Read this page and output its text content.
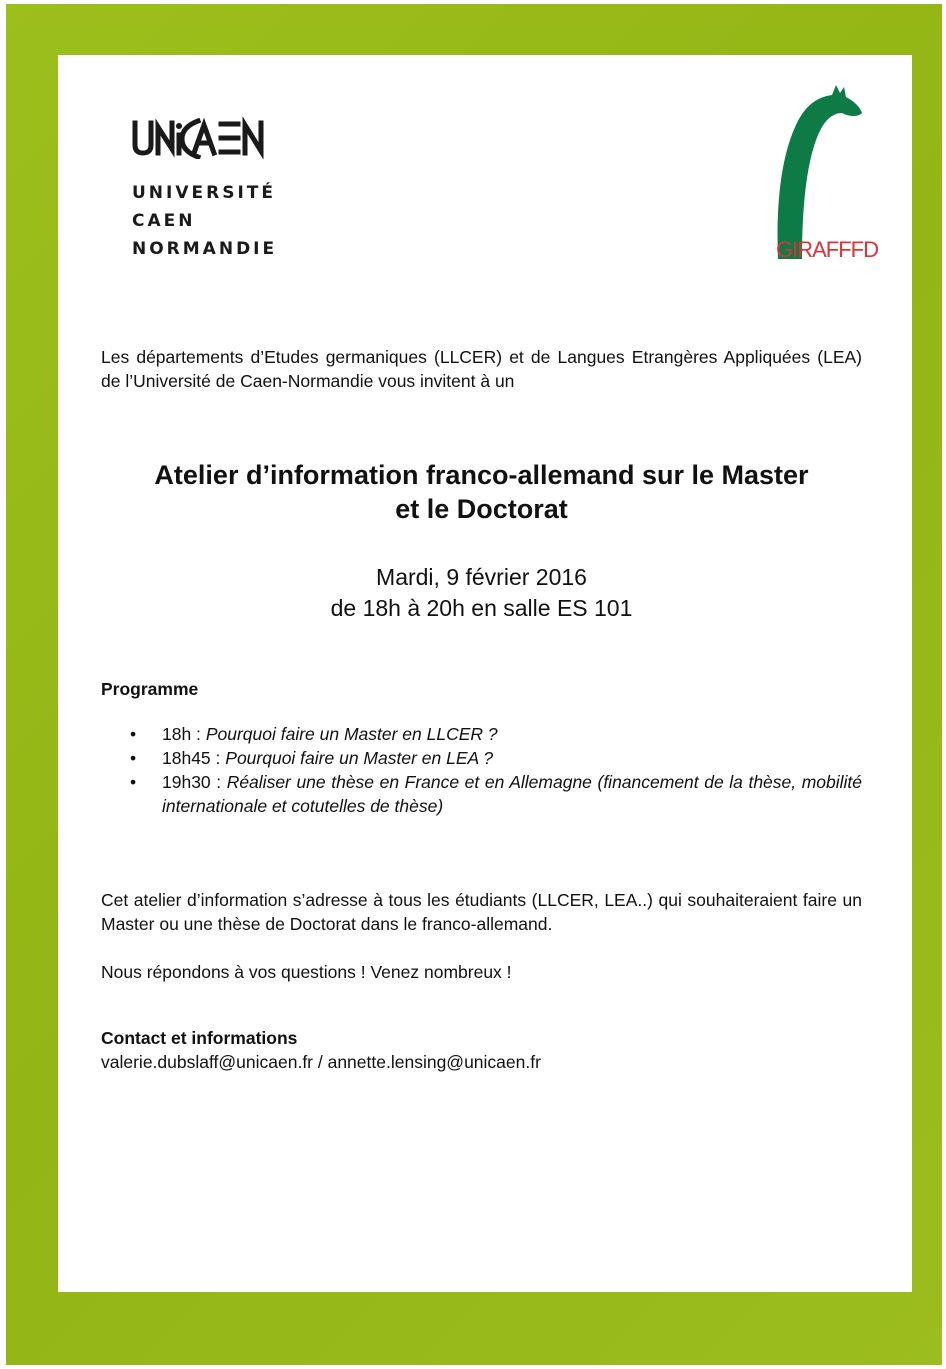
UNIVERSITÉ
CAEN
NORMANDIE	GIRAFFFD
Les départements d’Etudes germaniques (LLCER) et de Langues Etrangères Appliquées (LEA) de l’Université de Caen-Normandie vous invitent à un
Atelier d’information franco-allemand sur le Master
et le Doctorat
Mardi, 9 février 2016
de 18h à 20h en salle ES 101
Programme
• 18h : Pourquoi faire un Master en LLCER ?
• 18h45 : Pourquoi faire un Master en LEA ?
• 19h30 : Réaliser une thèse en France et en Allemagne (financement de la thèse, mobilité internationale et cotutelles de thèse)
Cet atelier d’information s’adresse à tous les étudiants (LLCER, LEA..) qui souhaiteraient faire un Master ou une thèse de Doctorat dans le franco-allemand.
Nous répondons à vos questions ! Venez nombreux !
Contact et informations
valerie.dubslaff@unicaen.fr / annette.lensing@unicaen.fr
